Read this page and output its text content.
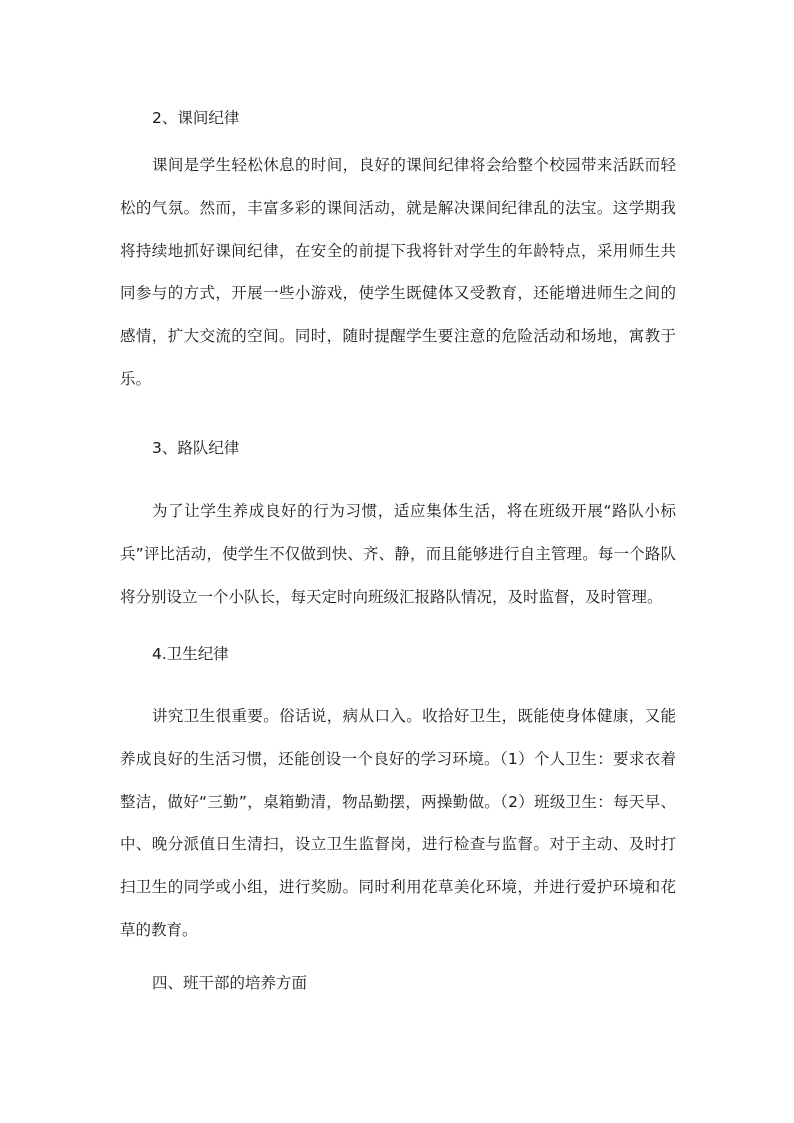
2、课间纪律

课间是学生轻松休息的时间，良好的课间纪律将会给整个校园带来活跃而轻松的气氛。然而，丰富多彩的课间活动，就是解决课间纪律乱的法宝。这学期我将持续地抓好课间纪律，在安全的前提下我将针对学生的年龄特点，采用师生共同参与的方式，开展一些小游戏，使学生既健体又受教育，还能增进师生之间的感情，扩大交流的空间。同时，随时提醒学生要注意的危险活动和场地，寓教于乐。

3、路队纪律

为了让学生养成良好的行为习惯，适应集体生活，将在班级开展“路队小标兵”评比活动，使学生不仅做到快、齐、静，而且能够进行自主管理。每一个路队将分别设立一个小队长，每天定时向班级汇报路队情况，及时监督，及时管理。

4.卫生纪律

讲究卫生很重要。俗话说，病从口入。收拾好卫生，既能使身体健康，又能养成良好的生活习惯，还能创设一个良好的学习环境。（1）个人卫生：要求衣着整洁，做好“三勤”，桌箱勤清，物品勤摆，两操勤做。（2）班级卫生：每天早、中、晚分派值日生清扫，设立卫生监督岗，进行检查与监督。对于主动、及时打扫卫生的同学或小组，进行奖励。同时利用花草美化环境，并进行爱护环境和花草的教育。

四、班干部的培养方面
